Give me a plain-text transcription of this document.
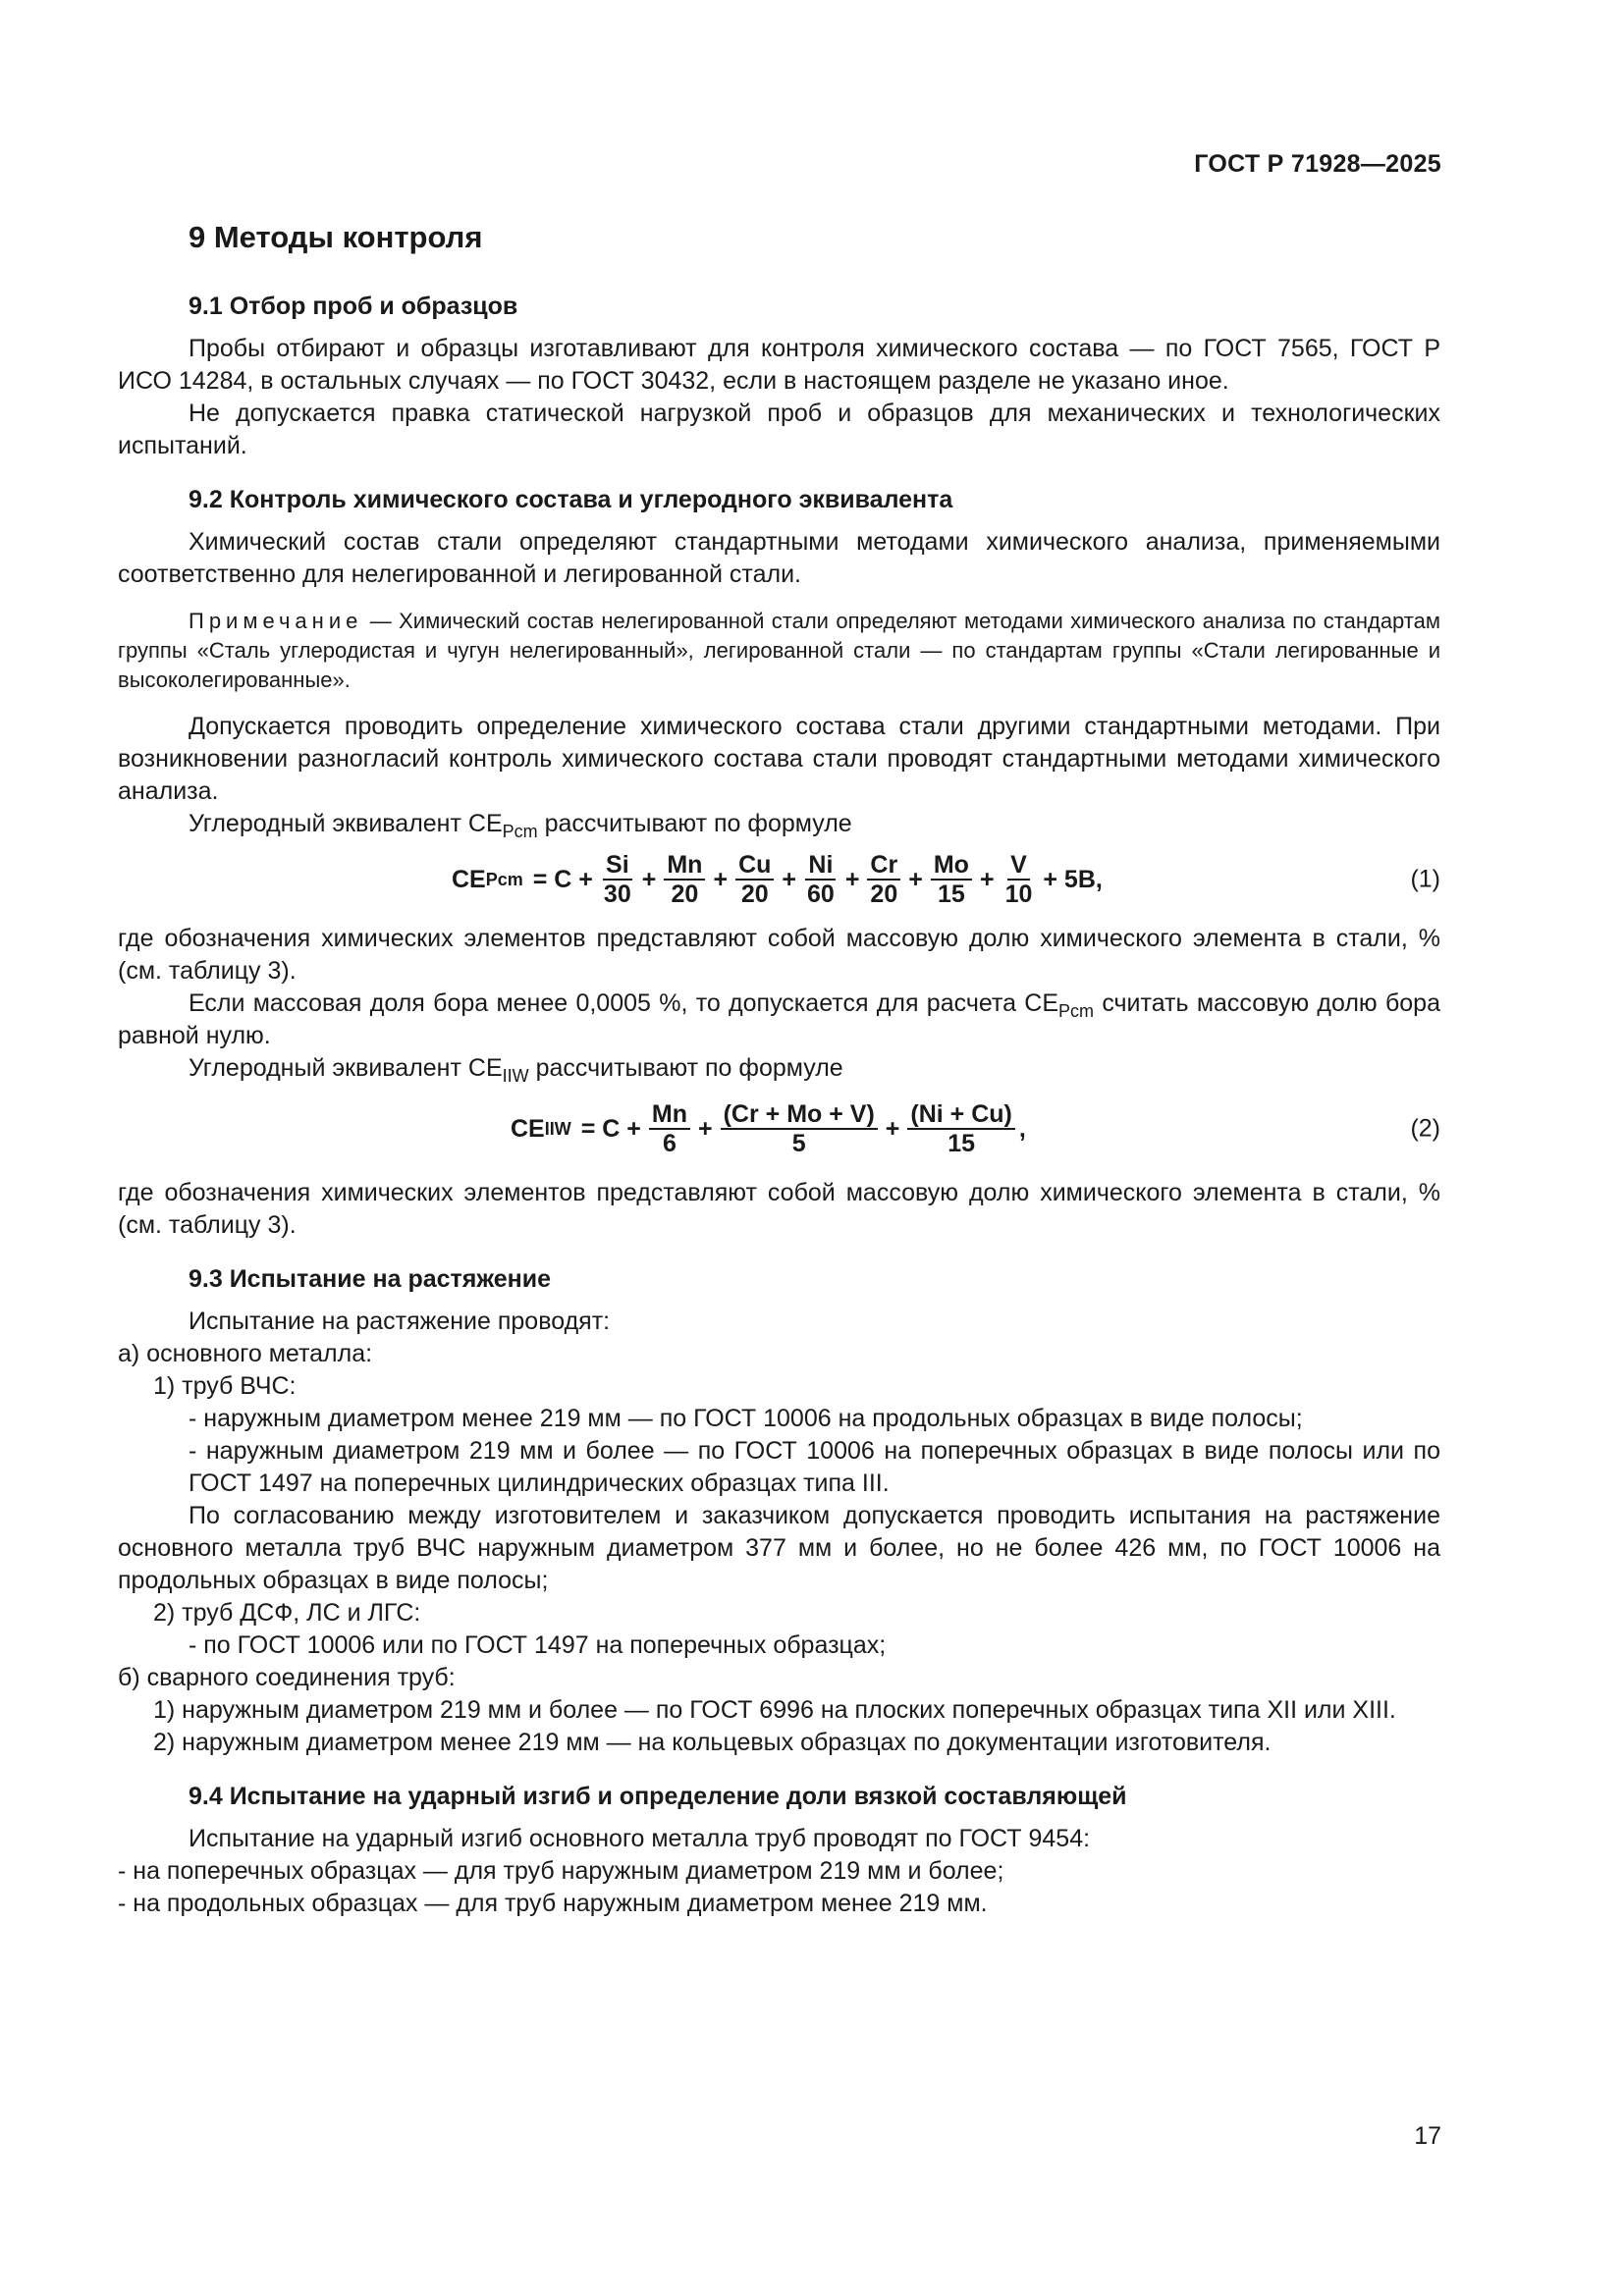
ГОСТ Р 71928—2025
9 Методы контроля
9.1 Отбор проб и образцов

Пробы отбирают и образцы изготавливают для контроля химического состава — по ГОСТ 7565, ГОСТ Р ИСО 14284, в остальных случаях — по ГОСТ 30432, если в настоящем разделе не указано иное.

Не допускается правка статической нагрузкой проб и образцов для механических и технологических испытаний.

9.2 Контроль химического состава и углеродного эквивалента

Химический состав стали определяют стандартными методами химического анализа, применяемыми соответственно для нелегированной и легированной стали.

Примечание — Химический состав нелегированной стали определяют методами химического анализа по стандартам группы «Сталь углеродистая и чугун нелегированный», легированной стали — по стандартам группы «Стали легированные и высоколегированные».

Допускается проводить определение химического состава стали другими стандартными методами. При возникновении разногласий контроль химического состава стали проводят стандартными методами химического анализа.

Углеродный эквивалент $CE_{Pcm}$ рассчитывают по формуле

CE Pcm = $C + \frac{Si}{30} + \frac{Mn}{20} + \frac{Cu}{20} + \frac{Ni}{60} + \frac{Cr}{20} + \frac{Mo}{15} + \frac{V}{10} + 5B$,	(1)

где обозначения химических элементов представляют собой массовую долю химического элемента в стали, % (см. таблицу 3).

Если массовая доля бора менее 0,0005 %, то допускается для расчета $CE_{Pcm}$ считать массовую долю бора равной нулю.

Углеродный эквивалент $CE_{IIW}$ рассчитывают по формуле

CE IIW = $C + \frac{Mn}{6} + \frac{(Cr + Mo + V)}{5} + \frac{(Ni + Cu)}{15}$ ,	(2)

где обозначения химических элементов представляют собой массовую долю химического элемента в стали, % (см. таблицу 3).

9.3 Испытание на растяжение

Испытание на растяжение проводят:

а) основного металла:

1) труб ВЧС:

- наружным диаметром менее 219 мм — по ГОСТ 10006 на продольных образцах в виде полосы;

- наружным диаметром 219 мм и более — по ГОСТ 10006 на поперечных образцах в виде полосы или по ГОСТ 1497 на поперечных цилиндрических образцах типа III.

По согласованию между изготовителем и заказчиком допускается проводить испытания на растяжение основного металла труб ВЧС наружным диаметром 377 мм и более, но не более 426 мм, по ГОСТ 10006 на продольных образцах в виде полосы;

2) труб ДСФ, ЛС и ЛГС:

- по ГОСТ 10006 или по ГОСТ 1497 на поперечных образцах;

б) сварного соединения труб:

1) наружным диаметром 219 мм и более — по ГОСТ 6996 на плоских поперечных образцах типа XII или XIII.

2) наружным диаметром менее 219 мм — на кольцевых образцах по документации изготовителя.

9.4 Испытание на ударный изгиб и определение доли вязкой составляющей

Испытание на ударный изгиб основного металла труб проводят по ГОСТ 9454:

- на поперечных образцах — для труб наружным диаметром 219 мм и более;

- на продольных образцах — для труб наружным диаметром менее 219 мм.

17
